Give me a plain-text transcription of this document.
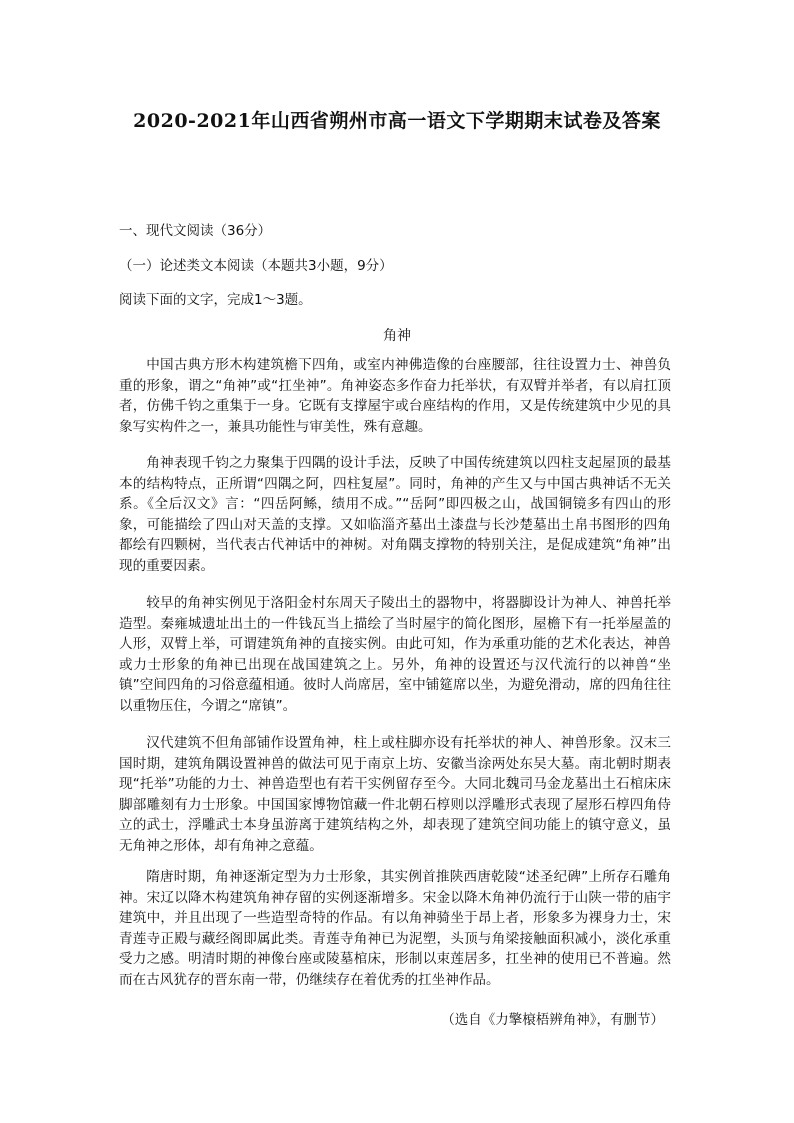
2020-2021年山西省朔州市高一语文下学期期末试卷及答案

一、现代文阅读（36分）

（一）论述类文本阅读（本题共3小题，9分）

阅读下面的文字，完成1～3题。

角神

中国古典方形木构建筑檐下四角，或室内神佛造像的台座腰部，往往设置力士、神兽负重的形象，谓之“角神”或“扛坐神”。角神姿态多作奋力托举状，有双臂并举者，有以肩扛顶者，仿佛千钧之重集于一身。它既有支撑屋宇或台座结构的作用，又是传统建筑中少见的具象写实构件之一，兼具功能性与审美性，殊有意趣。

角神表现千钧之力聚集于四隅的设计手法，反映了中国传统建筑以四柱支起屋顶的最基本的结构特点，正所谓“四隅之阿，四柱复屋”。同时，角神的产生又与中国古典神话不无关系。《全后汉文》言：“四岳阿鲧，绩用不成。”“岳阿”即四极之山，战国铜镜多有四山的形象，可能描绘了四山对天盖的支撑。又如临淄齐墓出土漆盘与长沙楚墓出土帛书图形的四角都绘有四颗树，当代表古代神话中的神树。对角隅支撑物的特别关注，是促成建筑“角神”出现的重要因素。

较早的角神实例见于洛阳金村东周天子陵出土的器物中，将器脚设计为神人、神兽托举造型。秦雍城遗址出土的一件钱瓦当上描绘了当时屋宇的简化图形，屋檐下有一托举屋盖的人形，双臂上举，可谓建筑角神的直接实例。由此可知，作为承重功能的艺术化表达，神兽或力士形象的角神已出现在战国建筑之上。另外，角神的设置还与汉代流行的以神兽“坐镇”空间四角的习俗意蕴相通。彼时人尚席居，室中铺筵席以坐，为避免滑动，席的四角往往以重物压住，今谓之“席镇”。

汉代建筑不但角部铺作设置角神，柱上或柱脚亦设有托举状的神人、神兽形象。汉末三国时期，建筑角隅设置神兽的做法可见于南京上坊、安徽当涂两处东吴大墓。南北朝时期表现“托举”功能的力士、神兽造型也有若干实例留存至今。大同北魏司马金龙墓出土石棺床床脚部雕刻有力士形象。中国国家博物馆藏一件北朝石椁则以浮雕形式表现了屋形石椁四角侍立的武士，浮雕武士本身虽游离于建筑结构之外，却表现了建筑空间功能上的镇守意义，虽无角神之形体，却有角神之意蕴。

隋唐时期，角神逐渐定型为力士形象，其实例首推陕西唐乾陵“述圣纪碑”上所存石雕角神。宋辽以降木构建筑角神存留的实例逐渐增多。宋金以降木角神仍流行于山陕一带的庙宇建筑中，并且出现了一些造型奇特的作品。有以角神骑坐于昂上者，形象多为裸身力士，宋青莲寺正殿与藏经阁即属此类。青莲寺角神已为泥塑，头顶与角梁接触面积减小，淡化承重受力之感。明清时期的神像台座或陵墓棺床，形制以束莲居多，扛坐神的使用已不普遍。然而在古风犹存的晋东南一带，仍继续存在着优秀的扛坐神作品。

（选自《力擎榱梧辨角神》，有删节）
